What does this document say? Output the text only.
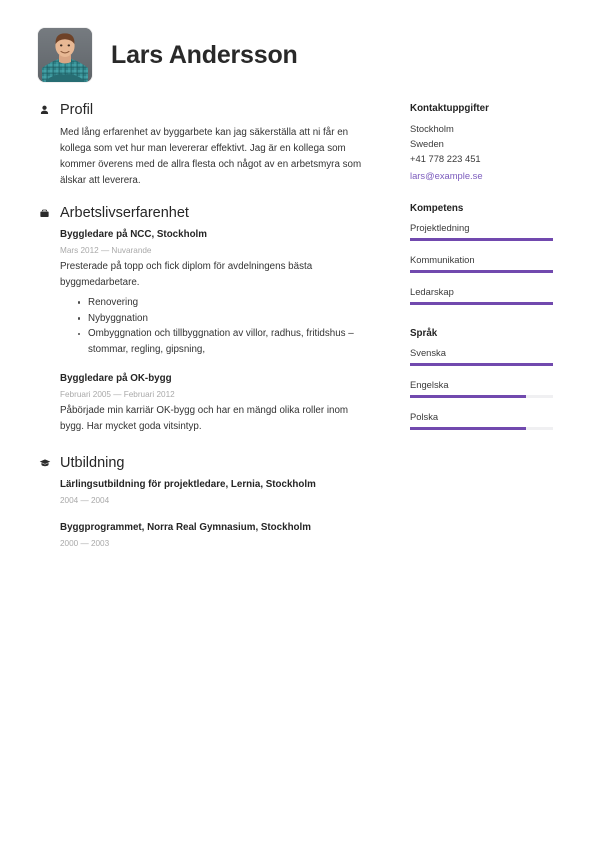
Lars Andersson
Profil

Med lång erfarenhet av byggarbete kan jag säkerställa att ni får en kollega som vet hur man levererar effektivt. Jag är en kollega som kommer överens med de allra flesta och något av en arbetsmyra som älskar att leverera.

Arbetslivserfarenhet
Byggledare på NCC, Stockholm
Mars 2012 — Nuvarande

Presterade på topp och fick diplom för avdelningens bästa byggmedarbetare.

Renovering
Nybyggnation
Ombyggnation och tillbyggnation av villor, radhus, fritidshus – stommar, regling, gipsning,
Byggledare på OK-bygg
Februari 2005 — Februari 2012

Påbörjade min karriär OK-bygg och har en mängd olika roller inom bygg. Har mycket goda vitsintyp.

Utbildning
Lärlingsutbildning för projektledare, Lernia, Stockholm
2004 — 2004
Byggprogrammet, Norra Real Gymnasium, Stockholm
2000 — 2003
Kontaktuppgifter
Stockholm
Sweden
+41 778 223 451
lars@example.se
Kompetens
Projektledning
Kommunikation
Ledarskap
Språk
Svenska
Engelska
Polska
